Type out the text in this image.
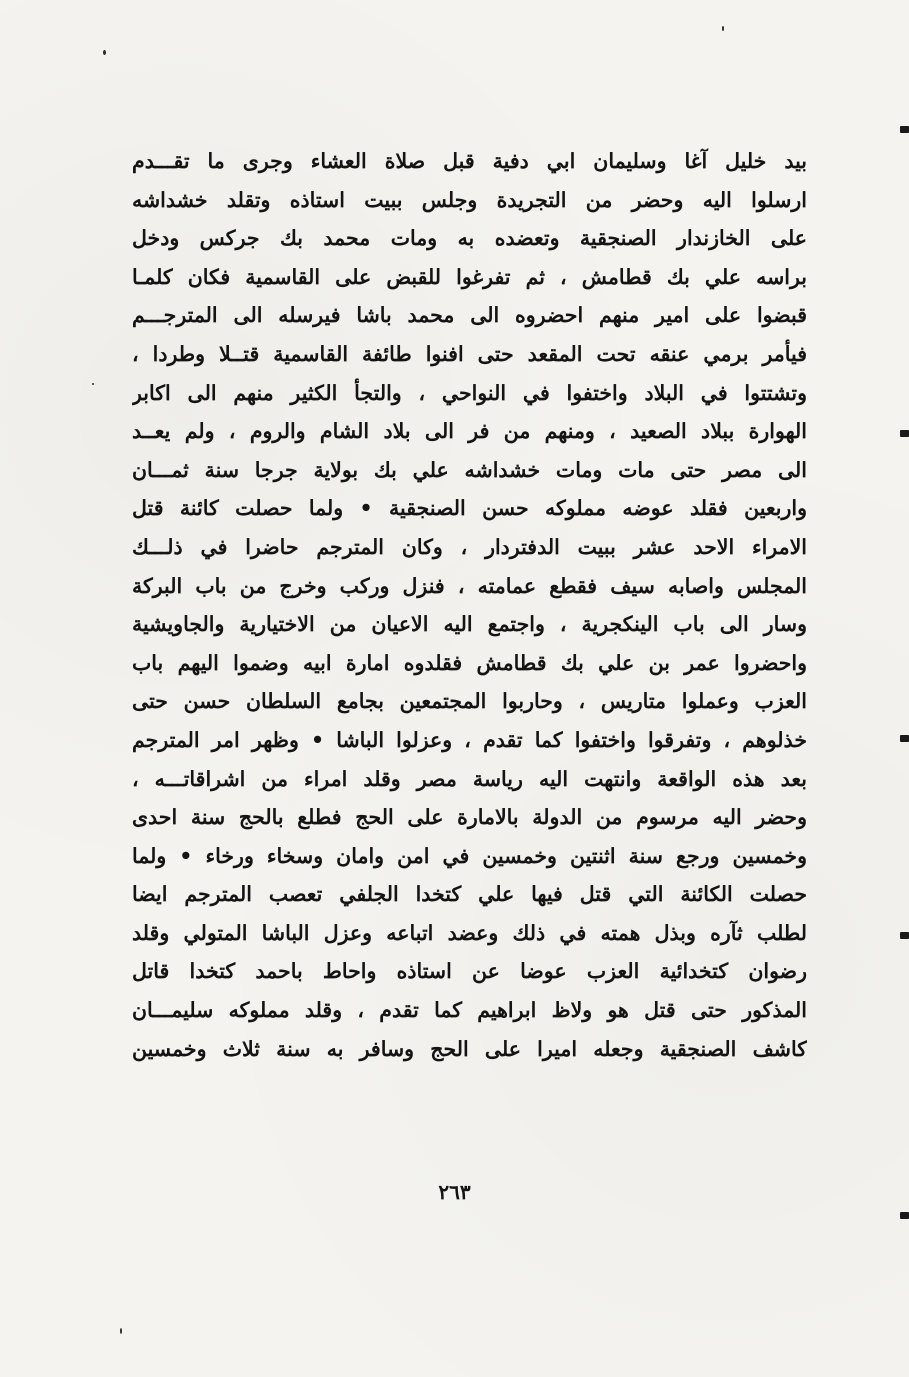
بيد خليل آغا وسليمان ابي دفية قبل صلاة العشاء وجرى ما تقـــدم
ارسلوا اليه وحضر من التجريدة وجلس ببيت استاذه وتقلد خشداشه
على الخازندار الصنجقية وتعضده به ومات محمد بك جركس ودخل
براسه علي بك قطامش ، ثم تفرغوا للقبض على القاسمية فكان كلمـا
قبضوا على امير منهم احضروه الى محمد باشا فيرسله الى المترجـــم
فيأمر برمي عنقه تحت المقعد حتى افنوا طائفة القاسمية قتــلا وطردا ،
وتشتتوا في البلاد واختفوا في النواحي ، والتجأ الكثير منهم الى اكابر
الهوارة ببلاد الصعيد ، ومنهم من فر الى بلاد الشام والروم ، ولم يعــد
الى مصر حتى مات ومات خشداشه علي بك بولاية جرجا سنة ثمـــان
واربعين فقلد عوضه مملوكه حسن الصنجقية • ولما حصلت كائنة قتل
الامراء الاحد عشر ببيت الدفتردار ، وكان المترجم حاضرا في ذلـــك
المجلس واصابه سيف فقطع عمامته ، فنزل وركب وخرج من باب البركة
وسار الى باب الينكجرية ، واجتمع اليه الاعيان من الاختيارية والجاويشية
واحضروا عمر بن علي بك قطامش فقلدوه امارة ابيه وضموا اليهم باب
العزب وعملوا متاريس ، وحاربوا المجتمعين بجامع السلطان حسن حتى
خذلوهم ، وتفرقوا واختفوا كما تقدم ، وعزلوا الباشا • وظهر امر المترجم
بعد هذه الواقعة وانتهت اليه رياسة مصر وقلد امراء من اشراقاتـــه ،
وحضر اليه مرسوم من الدولة بالامارة على الحج فطلع بالحج سنة احدى
وخمسين ورجع سنة اثنتين وخمسين في امن وامان وسخاء ورخاء • ولما
حصلت الكائنة التي قتل فيها علي كتخدا الجلفي تعصب المترجم ايضا
لطلب ثآره وبذل همته في ذلك وعضد اتباعه وعزل الباشا المتولي وقلد
رضوان كتخدائية العزب عوضا عن استاذه واحاط باحمد كتخدا قاتل
المذكور حتى قتل هو ولاظ ابراهيم كما تقدم ، وقلد مملوكه سليمـــان
كاشف الصنجقية وجعله اميرا على الحج وسافر به سنة ثلاث وخمسين
٢٦٣
